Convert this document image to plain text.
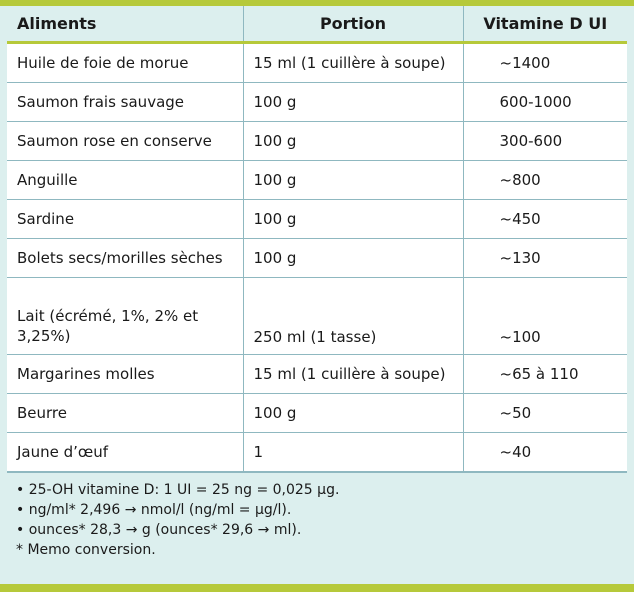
Aliments	Portion	Vitamine D UI
Huile de foie de morue	15 ml (1 cuillère à soupe)	~1400
Saumon frais sauvage	100 g	600-1000
Saumon rose en conserve	100 g	300-600
Anguille	100 g	~800
Sardine	100 g	~450
Bolets secs/morilles sèches	100 g	~130
Lait (écrémé, 1%, 2% et 3,25%)	250 ml (1 tasse)	~100
Margarines molles	15 ml (1 cuillère à soupe)	~65 à 110
Beurre	100 g	~50
Jaune d’œuf	1	~40
• 25-OH vitamine D: 1 UI = 25 ng = 0,025 µg.
• ng/ml* 2,496 → nmol/l (ng/ml = µg/l).
• ounces* 28,3 → g (ounces* 29,6 → ml).
* Memo conversion.
